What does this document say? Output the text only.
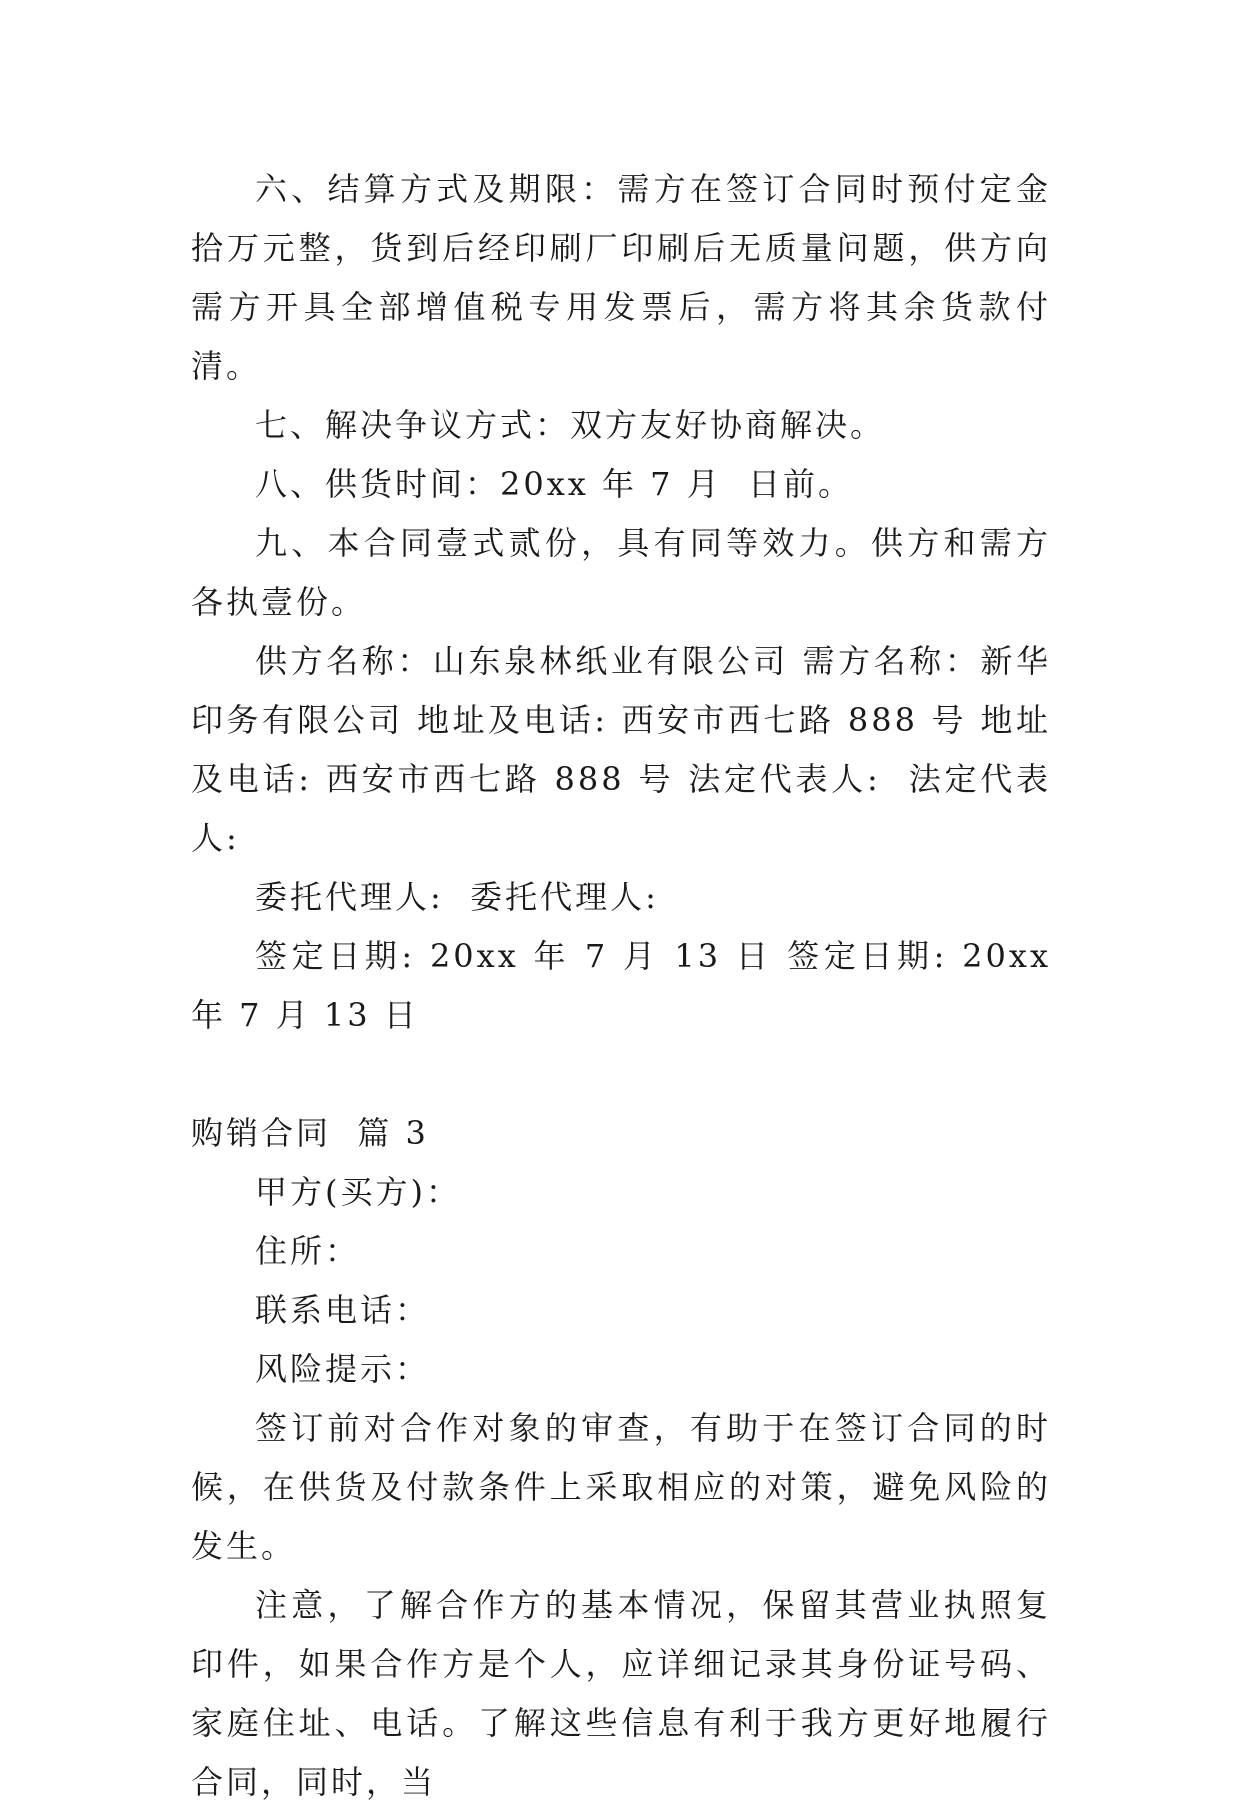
六、结算方式及期限：需方在签订合同时预付定金拾万元整，货到后经印刷厂印刷后无质量问题，供方向需方开具全部增值税专用发票后，需方将其余货款付清。

七、解决争议方式：双方友好协商解决。

八、供货时间：20xx 年 7 月  日前。

九、本合同壹式贰份，具有同等效力。供方和需方各执壹份。

供方名称：山东泉林纸业有限公司 需方名称：新华印务有限公司 地址及电话: 西安市西七路 888 号 地址及电话: 西安市西七路 888 号 法定代表人:  法定代表人:

委托代理人:  委托代理人:

签定日期: 20xx 年 7 月 13 日 签定日期: 20xx 年 7 月 13 日

购销合同  篇 3

甲方(买方)：

住所：

联系电话：

风险提示：

签订前对合作对象的审查，有助于在签订合同的时候，在供货及付款条件上采取相应的对策，避免风险的发生。

注意，了解合作方的基本情况，保留其营业执照复印件，如果合作方是个人，应详细记录其身份证号码、家庭住址、电话。了解这些信息有利于我方更好地履行合同，同时，当
